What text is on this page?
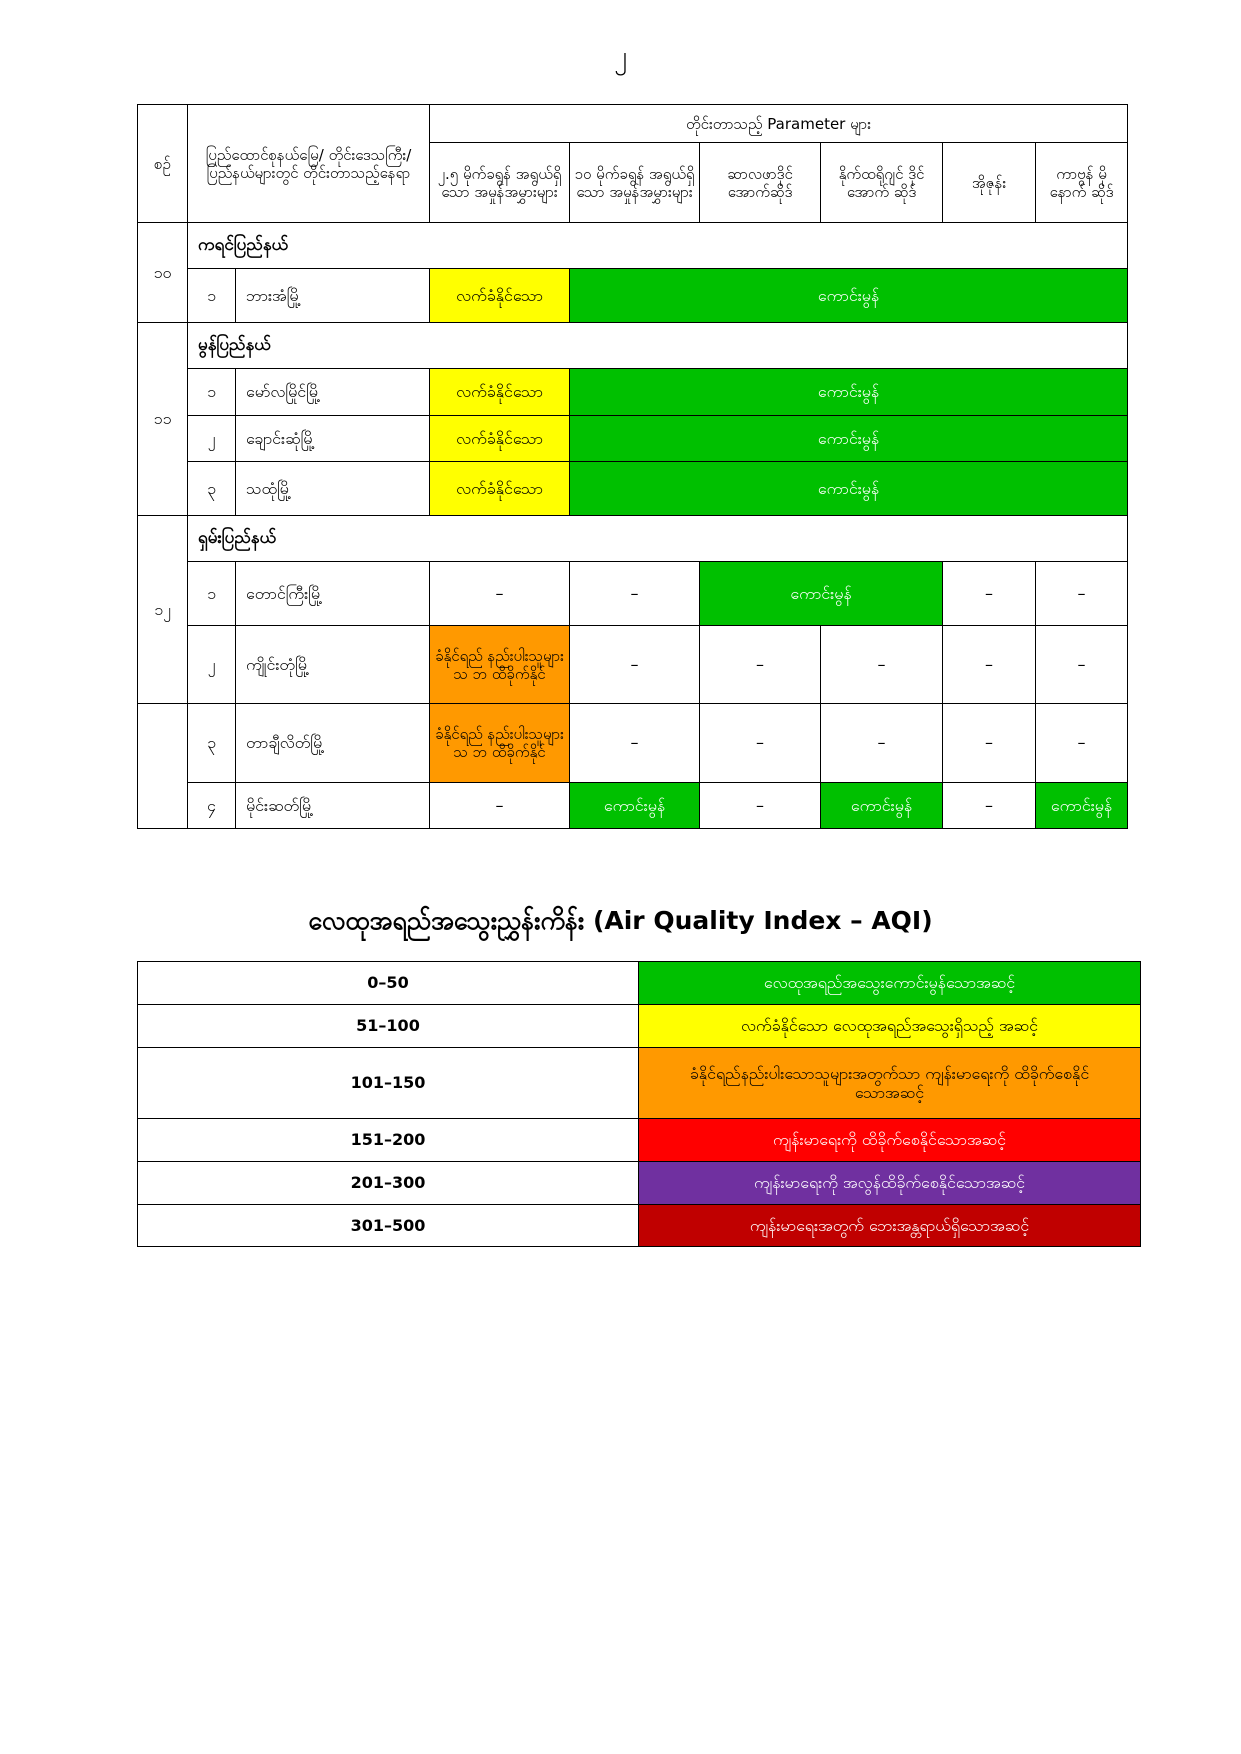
၂
စဉ်	ပြည်ထောင်စုနယ်မြေ/ တိုင်းဒေသကြီး/ ပြည်နယ်များတွင် တိုင်းတာသည့်နေရာ		တိုင်းတာသည့် Parameter များ					
			၂.၅ မိုက်ခရွန် အရွယ်ရှိသော အမှုန်အမွှားများ	၁၀ မိုက်ခရွန် အရွယ်ရှိသော အမှုန်အမွှားများ	ဆာလဖာဒိုင် အောက်ဆိုဒ်	နိုက်ထရိုဂျင် ဒိုင်အောက် ဆိုဒ်	အိုဇုန်း	ကာဗွန် မိုနောက် ဆိုဒ်
၁၀	ကရင်ပြည်နယ်							
	၁	ဘားအံမြို့	လက်ခံနိုင်သော	ကောင်းမွန်				
၁၁	မွန်ပြည်နယ်							
	၁	မော်လမြိုင်မြို့	လက်ခံနိုင်သော	ကောင်းမွန်				
	၂	ချောင်းဆုံမြို့	လက်ခံနိုင်သော	ကောင်းမွန်				
	၃	သထုံမြို့	လက်ခံနိုင်သော	ကောင်းမွန်				
၁၂	ရှမ်းပြည်နယ်							
	၁	တောင်ကြီးမြို့	–	–	ကောင်းမွန်		–	–
	၂	ကျိုင်းတုံမြို့	ခံနိုင်ရည် နည်းပါးသူများသ ဘ ထိခိုက်နိုင်	–	–	–	–	–
	၃	တာချီလိတ်မြို့	ခံနိုင်ရည် နည်းပါးသူများသ ဘ ထိခိုက်နိုင်	–	–	–	–	–
	၄	မိုင်းဆတ်မြို့	–	ကောင်းမွန်	–	ကောင်းမွန်	–	ကောင်းမွန်
လေထုအရည်အသွေးညွှန်းကိန်း (Air Quality Index – AQI)
0–50	လေထုအရည်အသွေးကောင်းမွန်သောအဆင့်
51–100	လက်ခံနိုင်သော လေထုအရည်အသွေးရှိသည့် အဆင့်
101–150	ခံနိုင်ရည်နည်းပါးသောသူများအတွက်သာ ကျန်းမာရေးကို ထိခိုက်စေနိုင်သောအဆင့်
151–200	ကျန်းမာရေးကို ထိခိုက်စေနိုင်သောအဆင့်
201–300	ကျန်းမာရေးကို အလွန်ထိခိုက်စေနိုင်သောအဆင့်
301–500	ကျန်းမာရေးအတွက် ဘေးအန္တရာယ်ရှိသောအဆင့်
